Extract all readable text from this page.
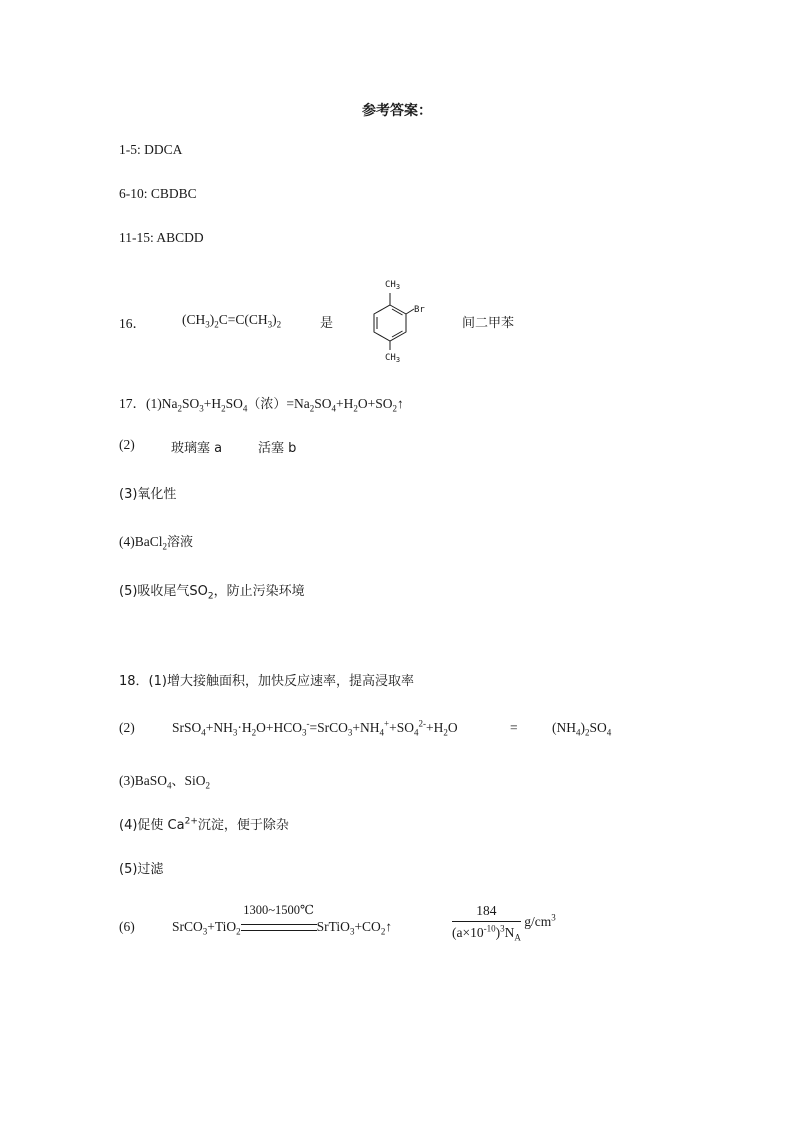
参考答案：
1-5: DDCA
6-10: CBDBC
11-15: ABCDD
16．	$(CH_3)_2C=C(CH_3)_2$	是
$CH_3$
Br
$CH_3$
间二甲苯
17．$(1)Na_2SO_3+H_2SO_4$（浓）$=Na_2SO_4+H_2O+SO_2↑$
(2)	玻璃塞 a	活塞 b
(3)氧化性
(4)BaCl$_2$溶液
(5)吸收尾气$SO_2$，防止污染环境
18．(1)增大接触面积，加快反应速率，提高浸取率
(2)	$SrSO_4+NH_3\cdot H_2O+HCO_3^-=SrCO_3+NH_4^++SO_4^{2-}+H_2O$	=	$(NH_4)_2SO_4$
(3)BaSO$_4$、SiO$_2$
(4)促使 $Ca^{2+}$沉淀，便于除杂
(5)过滤
(6)	SrCO$_3$+TiO$_2$
1300~1500℃
$SrTiO_3+CO_2↑$	$\frac{184}{(a\times 10^{-10})^3N_A} g/cm^3$
